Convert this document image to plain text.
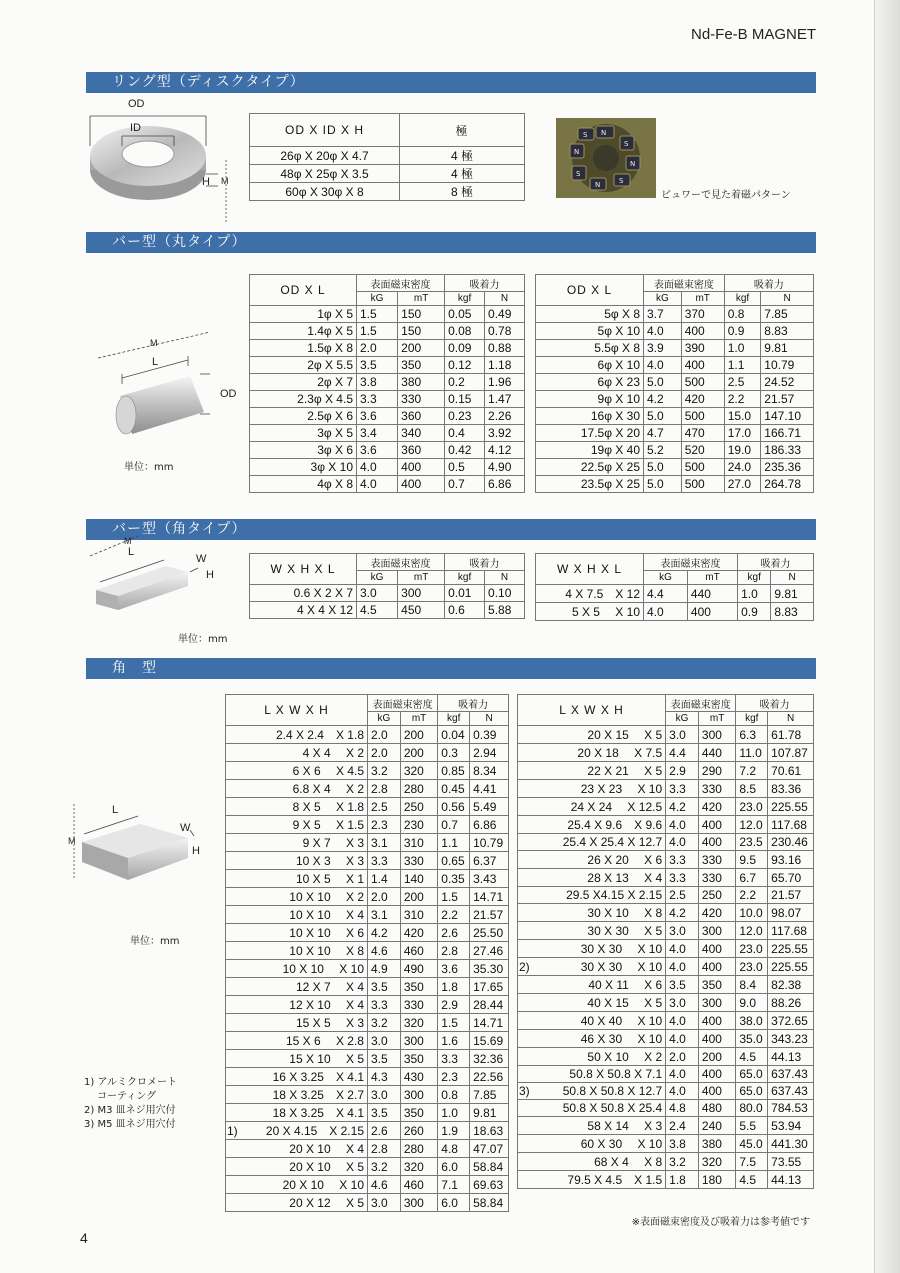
Nd-Fe-B MAGNET
リング型（ディスクタイプ）
OD
ID
H M
OD X ID X H	極
26φ X 20φ X 4.7	4 極
48φ X 25φ X 3.5	4 極
60φ X 30φ X 8	8 極
N
S
N
S
N
S
N
S
ビュワーで見た着磁パターン
バー型（丸タイプ）
M
L
OD
単位：mm
OD X L	表面磁束密度		吸着力	
	kG	mT	kgf	N
1φ X 5	1.5	150	0.05	0.49
1.4φ X 5	1.5	150	0.08	0.78
1.5φ X 8	2.0	200	0.09	0.88
2φ X 5.5	3.5	350	0.12	1.18
2φ X 7	3.8	380	0.2	1.96
2.3φ X 4.5	3.3	330	0.15	1.47
2.5φ X 6	3.6	360	0.23	2.26
3φ X 5	3.4	340	0.4	3.92
3φ X 6	3.6	360	0.42	4.12
3φ X 10	4.0	400	0.5	4.90
4φ X 8	4.0	400	0.7	6.86
OD X L	表面磁束密度		吸着力	
	kG	mT	kgf	N
5φ X 8	3.7	370	0.8	7.85
5φ X 10	4.0	400	0.9	8.83
5.5φ X 8	3.9	390	1.0	9.81
6φ X 10	4.0	400	1.1	10.79
6φ X 23	5.0	500	2.5	24.52
9φ X 10	4.2	420	2.2	21.57
16φ X 30	5.0	500	15.0	147.10
17.5φ X 20	4.7	470	17.0	166.71
19φ X 40	5.2	520	19.0	186.33
22.5φ X 25	5.0	500	24.0	235.36
23.5φ X 25	5.0	500	27.0	264.78
バー型（角タイプ）
M
L
W
H
単位：mm
W X H X L	表面磁束密度		吸着力	
	kG	mT	kgf	N
0.6 X 2 X 7	3.0	300	0.01	0.10
4 X 4 X 12	4.5	450	0.6	5.88
W X H X L	表面磁束密度		吸着力	
	kG	mT	kgf	N
4 X 7.5　X 12	4.4	440	1.0	9.81
5 X 5　 X 10	4.0	400	0.9	8.83
角　型
M
L
W
H
単位：mm
1) アルミクロメート
　 コーティング
2) M3 皿ネジ用穴付
3) M5 皿ネジ用穴付
L X W X H		表面磁束密度		吸着力	
		kG	mT	kgf	N
	2.4 X 2.4　X 1.8	2.0	200	0.04	0.39
	4 X 4　 X 2	2.0	200	0.3	2.94
	6 X 6　 X 4.5	3.2	320	0.85	8.34
	6.8 X 4　 X 2	2.8	280	0.45	4.41
	8 X 5　 X 1.8	2.5	250	0.56	5.49
	9 X 5　 X 1.5	2.3	230	0.7	6.86
	9 X 7　 X 3	3.1	310	1.1	10.79
	10 X 3　 X 3	3.3	330	0.65	6.37
	10 X 5　 X 1	1.4	140	0.35	3.43
	10 X 10　 X 2	2.0	200	1.5	14.71
	10 X 10　 X 4	3.1	310	2.2	21.57
	10 X 10　 X 6	4.2	420	2.6	25.50
	10 X 10　 X 8	4.6	460	2.8	27.46
	10 X 10　 X 10	4.9	490	3.6	35.30
	12 X 7　 X 4	3.5	350	1.8	17.65
	12 X 10　 X 4	3.3	330	2.9	28.44
	15 X 5　 X 3	3.2	320	1.5	14.71
	15 X 6　 X 2.8	3.0	300	1.6	15.69
	15 X 10　 X 5	3.5	350	3.3	32.36
	16 X 3.25　X 4.1	4.3	430	2.3	22.56
	18 X 3.25　X 2.7	3.0	300	0.8	7.85
	18 X 3.25　X 4.1	3.5	350	1.0	9.81
1)	20 X 4.15　X 2.15	2.6	260	1.9	18.63
	20 X 10　 X 4	2.8	280	4.8	47.07
	20 X 10　 X 5	3.2	320	6.0	58.84
	20 X 10　 X 10	4.6	460	7.1	69.63
	20 X 12　 X 5	3.0	300	6.0	58.84
L X W X H		表面磁束密度		吸着力	
		kG	mT	kgf	N
	20 X 15　 X 5	3.0	300	6.3	61.78
	20 X 18　 X 7.5	4.4	440	11.0	107.87
	22 X 21　 X 5	2.9	290	7.2	70.61
	23 X 23　 X 10	3.3	330	8.5	83.36
	24 X 24　 X 12.5	4.2	420	23.0	225.55
	25.4 X 9.6　X 9.6	4.0	400	12.0	117.68
	25.4 X 25.4 X 12.7	4.0	400	23.5	230.46
	26 X 20　 X 6	3.3	330	9.5	93.16
	28 X 13　 X 4	3.3	330	6.7	65.70
	29.5 X4.15 X 2.15	2.5	250	2.2	21.57
	30 X 10　 X 8	4.2	420	10.0	98.07
	30 X 30　 X 5	3.0	300	12.0	117.68
	30 X 30　 X 10	4.0	400	23.0	225.55
2)	30 X 30　 X 10	4.0	400	23.0	225.55
	40 X 11　 X 6	3.5	350	8.4	82.38
	40 X 15　 X 5	3.0	300	9.0	88.26
	40 X 40　 X 10	4.0	400	38.0	372.65
	46 X 30　 X 10	4.0	400	35.0	343.23
	50 X 10　 X 2	2.0	200	4.5	44.13
	50.8 X 50.8 X 7.1	4.0	400	65.0	637.43
3)	50.8 X 50.8 X 12.7	4.0	400	65.0	637.43
	50.8 X 50.8 X 25.4	4.8	480	80.0	784.53
	58 X 14　 X 3	2.4	240	5.5	53.94
	60 X 30　 X 10	3.8	380	45.0	441.30
	68 X 4　 X 8	3.2	320	7.5	73.55
	79.5 X 4.5　X 1.5	1.8	180	4.5	44.13
※表面磁束密度及び吸着力は参考値です
4
